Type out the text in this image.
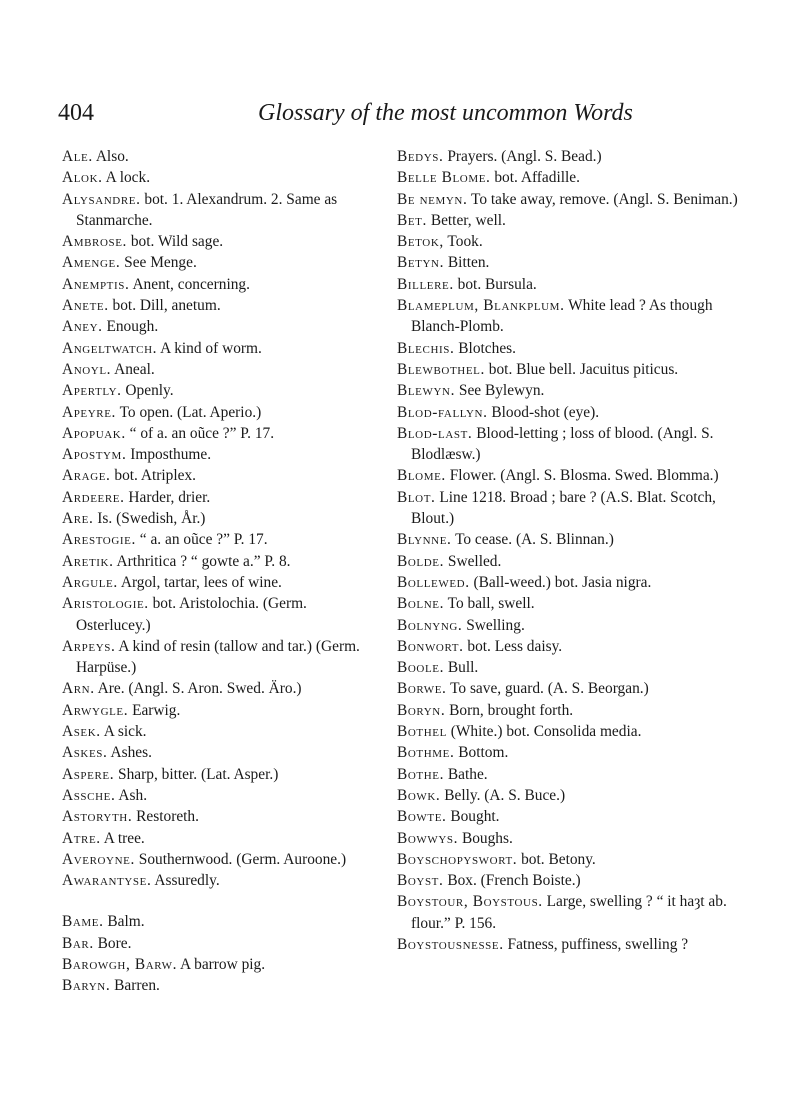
404	Glossary of the most uncommon Words

Ale. Also.

Alok. A lock.

Alysandre. bot. 1. Alexandrum. 2. Same as Stanmarche.

Ambrose. bot. Wild sage.

Amenge. See Menge.

Anemptis. Anent, concerning.

Anete. bot. Dill, anetum.

Aney. Enough.

Angeltwatch. A kind of worm.

Anoyl. Aneal.

Apertly. Openly.

Apeyre. To open. (Lat. Aperio.)

Apopuak. “ of a. an oũce ?” P. 17.

Apostym. Imposthume.

Arage. bot. Atriplex.

Ardeere. Harder, drier.

Are. Is. (Swedish, År.)

Arestogie. “ a. an oũce ?” P. 17.

Aretik. Arthritica ? “ gowte a.” P. 8.

Argule. Argol, tartar, lees of wine.

Aristologie. bot. Aristolochia. (Germ. Osterlucey.)

Arpeys. A kind of resin (tallow and tar.) (Germ. Harpüse.)

Arn. Are. (Angl. S. Aron. Swed. Äro.)

Arwygle. Earwig.

Asek. A sick.

Askes. Ashes.

Aspere. Sharp, bitter. (Lat. Asper.)

Assche. Ash.

Astoryth. Restoreth.

Atre. A tree.

Averoyne. Southernwood. (Germ. Auroone.)

Awarantyse. Assuredly.

Bame. Balm.

Bar. Bore.

Barowgh, Barw. A barrow pig.

Baryn. Barren.

Bedys. Prayers. (Angl. S. Bead.)

Belle Blome. bot. Affadille.

Be nemyn. To take away, remove. (Angl. S. Beniman.)

Bet. Better, well.

Betok, Took.

Betyn. Bitten.

Billere. bot. Bursula.

Blameplum, Blankplum. White lead ? As though Blanch-Plomb.

Blechis. Blotches.

Blewbothel. bot. Blue bell. Jacuitus piticus.

Blewyn. See Bylewyn.

Blod-fallyn. Blood-shot (eye).

Blod-last. Blood-letting ; loss of blood. (Angl. S. Blodlæsw.)

Blome. Flower. (Angl. S. Blosma. Swed. Blomma.)

Blot. Line 1218. Broad ; bare ? (A.S. Blat. Scotch, Blout.)

Blynne. To cease. (A. S. Blinnan.)

Bolde. Swelled.

Bollewed. (Ball-weed.) bot. Jasia nigra.

Bolne. To ball, swell.

Bolnyng. Swelling.

Bonwort. bot. Less daisy.

Boole. Bull.

Borwe. To save, guard. (A. S. Beorgan.)

Boryn. Born, brought forth.

Bothel (White.) bot. Consolida media.

Bothme. Bottom.

Bothe. Bathe.

Bowk. Belly. (A. S. Buce.)

Bowte. Bought.

Bowwys. Boughs.

Boyschopyswort. bot. Betony.

Boyst. Box. (French Boiste.)

Boystour, Boystous. Large, swelling ? “ it haȝt ab. flour.” P. 156.

Boystousnesse. Fatness, puffiness, swelling ?
